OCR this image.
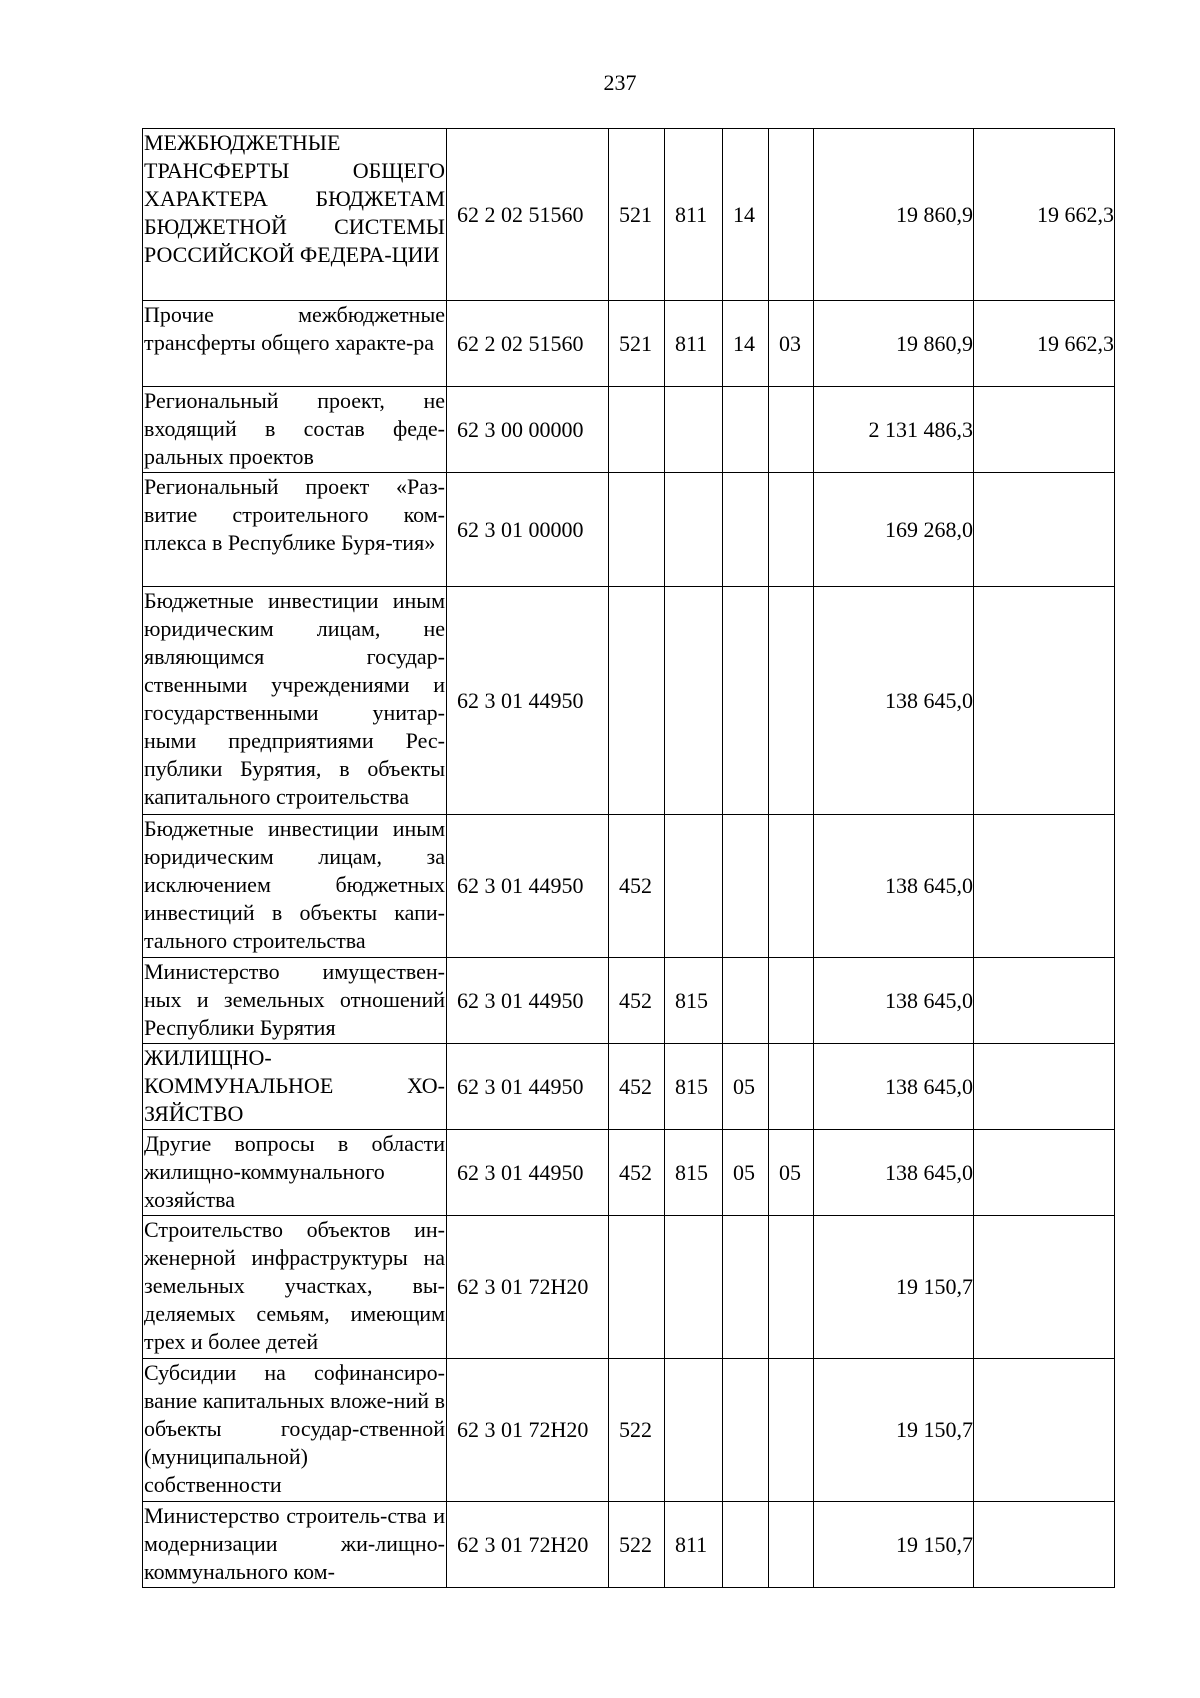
237
МЕЖБЮДЖЕТНЫЕ ТРАНСФЕРТЫ ОБЩЕГО ХАРАКТЕРА БЮДЖЕТАМ БЮДЖЕТНОЙ СИСТЕМЫ РОССИЙСКОЙ ФЕДЕРА-ЦИИ	62 2 02 51560	521	811	14		19 860,9	19 662,3
Прочие межбюджетные трансферты общего характе-ра	62 2 02 51560	521	811	14	03	19 860,9	19 662,3
Региональный проект, не входящий в состав феде-ральных проектов	62 3 00 00000					2 131 486,3	
Региональный проект «Раз-витие строительного ком-плекса в Республике Буря-тия»	62 3 01 00000					169 268,0	
Бюджетные инвестиции иным юридическим лицам, не являющимся государ-ственными учреждениями и государственными унитар-ными предприятиями Рес-публики Бурятия, в объекты капитального строительства	62 3 01 44950					138 645,0	
Бюджетные инвестиции иным юридическим лицам, за исключением бюджетных инвестиций в объекты капи-тального строительства	62 3 01 44950	452				138 645,0	
Министерство имуществен-ных и земельных отношений Республики Бурятия	62 3 01 44950	452	815			138 645,0	
ЖИЛИЩНО-КОММУНАЛЬНОЕ ХО-ЗЯЙСТВО	62 3 01 44950	452	815	05		138 645,0	
Другие вопросы в области жилищно-коммунального хозяйства	62 3 01 44950	452	815	05	05	138 645,0	
Строительство объектов ин-женерной инфраструктуры на земельных участках, вы-деляемых семьям, имеющим трех и более детей	62 3 01 72Н20					19 150,7	
Субсидии на софинансиро-вание капитальных вложе-ний в объекты государ-ственной (муниципальной) собственности	62 3 01 72Н20	522				19 150,7	
Министерство строитель-ства и модернизации жи-лищно-коммунального ком-	62 3 01 72Н20	522	811			19 150,7	
